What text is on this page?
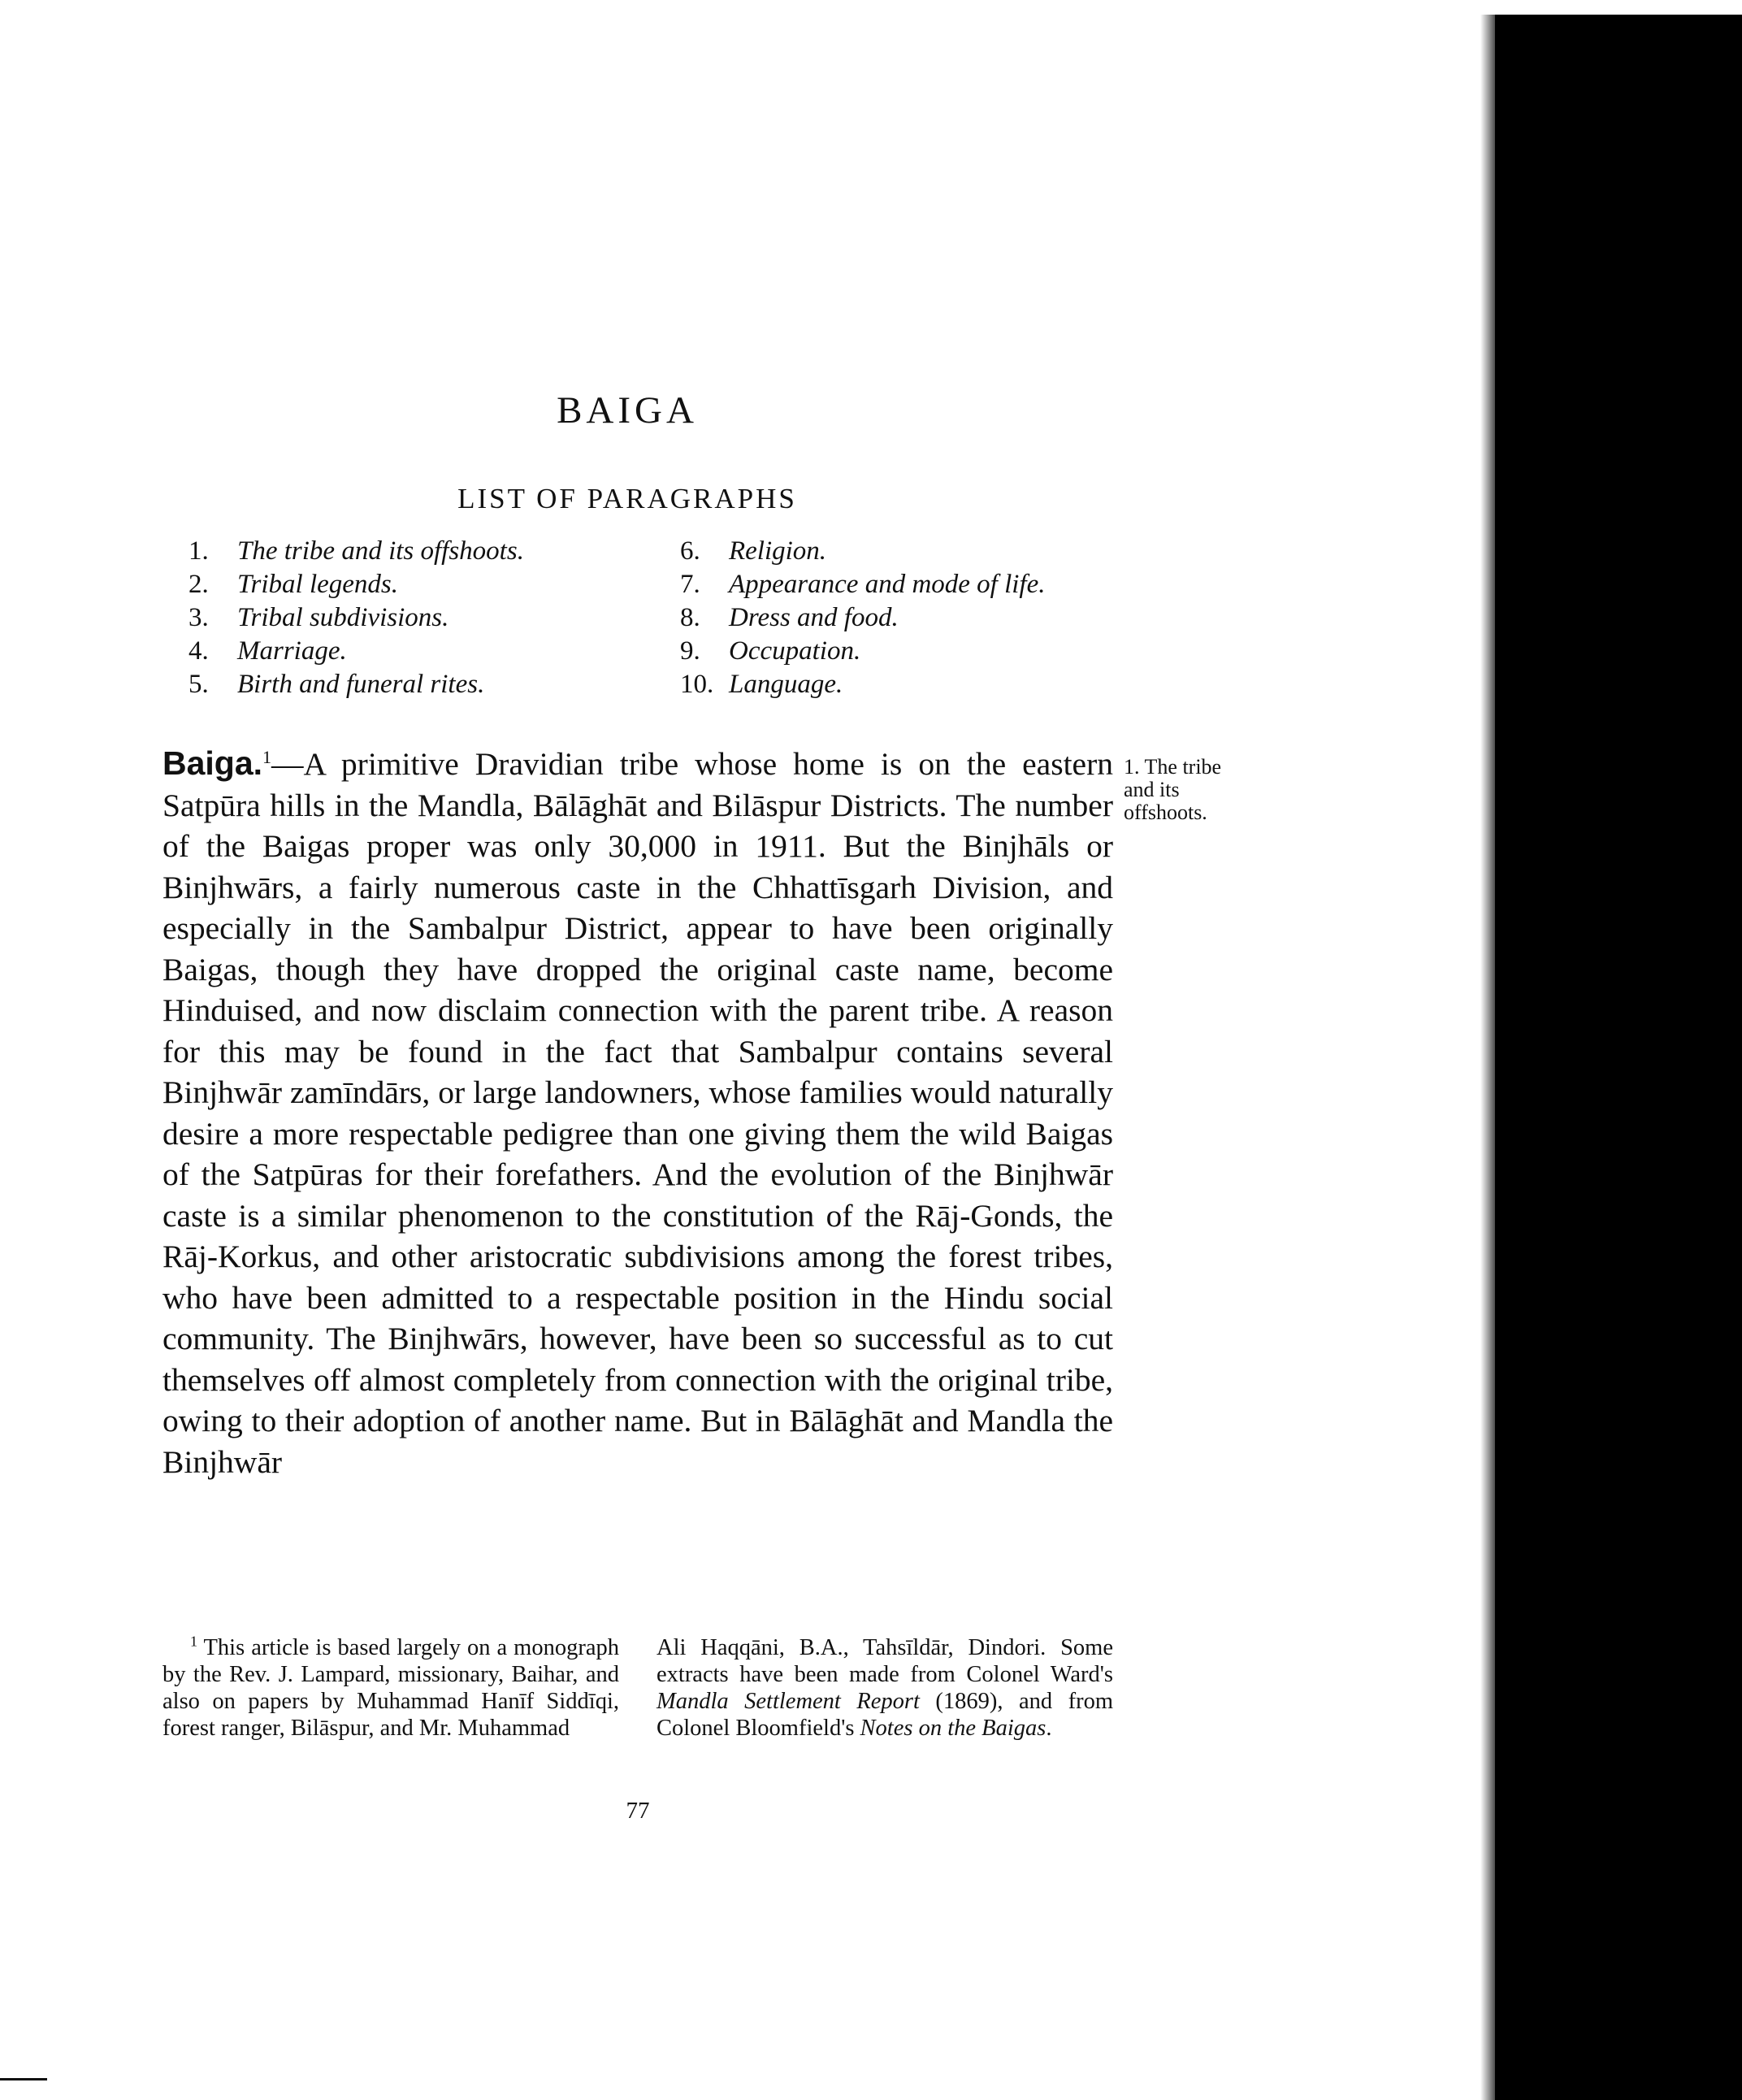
BAIGA
LIST OF PARAGRAPHS
1. The tribe and its offshoots.
2. Tribal legends.
3. Tribal subdivisions.
4. Marriage.
5. Birth and funeral rites.
6. Religion.
7. Appearance and mode of life.
8. Dress and food.
9. Occupation.
10. Language.

Baiga.$^1$—A primitive Dravidian tribe whose home is on the eastern Satpūra hills in the Mandla, Bālāghāt and Bilāspur Districts. The number of the Baigas proper was only 30,000 in 1911. But the Binjhāls or Binjhwārs, a fairly numerous caste in the Chhattīsgarh Division, and especially in the Sambalpur District, appear to have been originally Baigas, though they have dropped the original caste name, become Hinduised, and now disclaim connection with the parent tribe. A reason for this may be found in the fact that Sambalpur contains several Binjhwār zamīndārs, or large landowners, whose families would naturally desire a more respectable pedigree than one giving them the wild Baigas of the Satpūras for their forefathers. And the evolution of the Binjhwār caste is a similar phenomenon to the constitution of the Rāj-Gonds, the Rāj-Korkus, and other aristocratic subdivisions among the forest tribes, who have been admitted to a respectable position in the Hindu social community. The Binjhwārs, however, have been so successful as to cut themselves off almost completely from connection with the original tribe, owing to their adoption of another name. But in Bālāghāt and Mandla the Binjhwār

1. The tribe and its offshoots.

$^1$ This article is based largely on a monograph by the Rev. J. Lampard, missionary, Baihar, and also on papers by Muhammad Hanīf Siddīqi, forest ranger, Bilāspur, and Mr. Muhammad

Ali Haqqāni, B.A., Tahsīldār, Dindori. Some extracts have been made from Colonel Ward's Mandla Settlement Report (1869), and from Colonel Bloomfield's Notes on the Baigas.

77
